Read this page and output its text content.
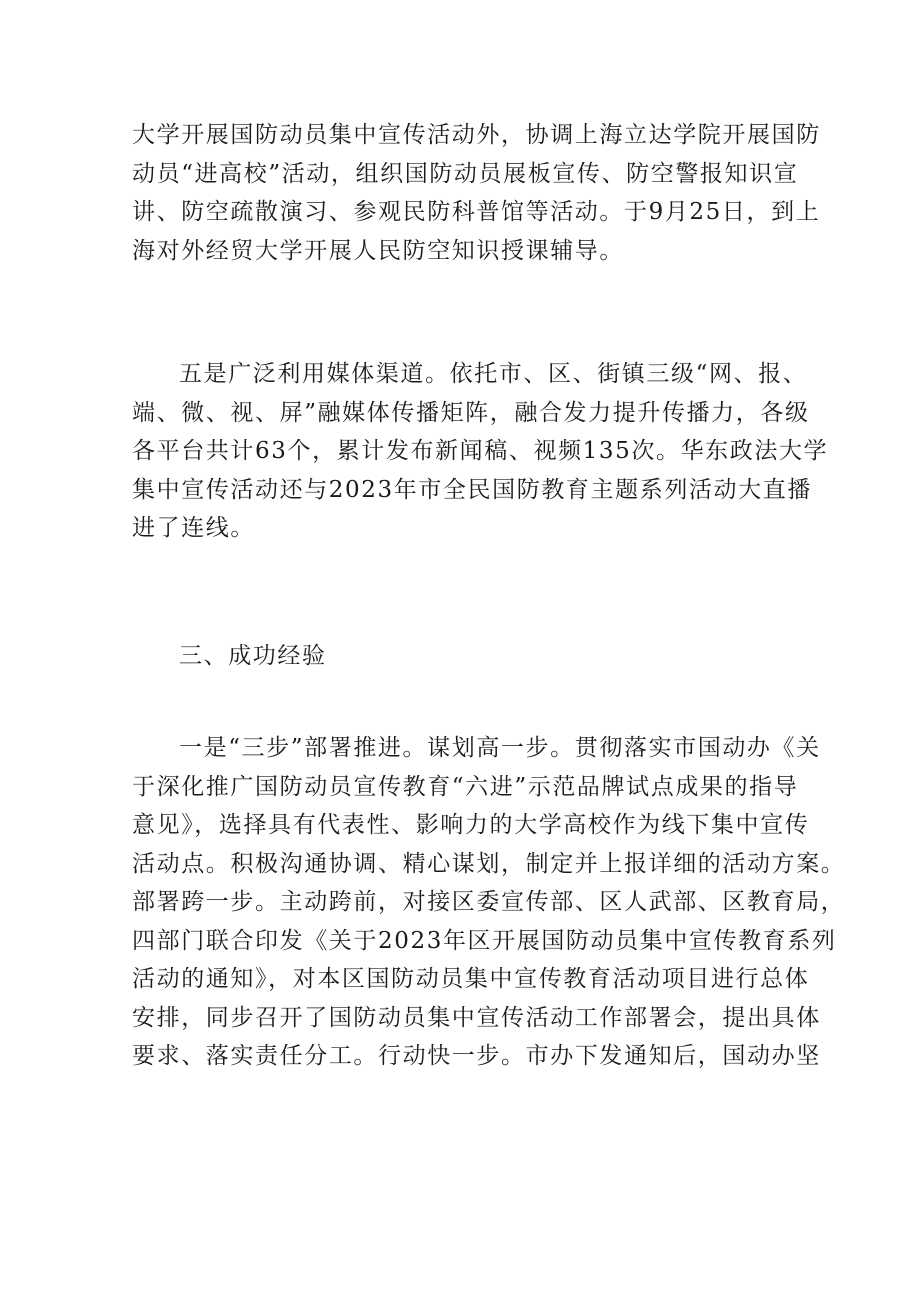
大学开展国防动员集中宣传活动外，协调上海立达学院开展国防
动员“进高校”活动，组织国防动员展板宣传、防空警报知识宣
讲、防空疏散演习、参观民防科普馆等活动。于9月25日，到上
海对外经贸大学开展人民防空知识授课辅导。
五是广泛利用媒体渠道。依托市、区、街镇三级“网、报、
端、微、视、屏”融媒体传播矩阵，融合发力提升传播力，各级
各平台共计63个，累计发布新闻稿、视频135次。华东政法大学
集中宣传活动还与2023年市全民国防教育主题系列活动大直播
进了连线。
三、成功经验
一是“三步”部署推进。谋划高一步。贯彻落实市国动办《关
于深化推广国防动员宣传教育“六进”示范品牌试点成果的指导
意见》，选择具有代表性、影响力的大学高校作为线下集中宣传
活动点。积极沟通协调、精心谋划，制定并上报详细的活动方案。
部署跨一步。主动跨前，对接区委宣传部、区人武部、区教育局，
四部门联合印发《关于2023年区开展国防动员集中宣传教育系列
活动的通知》，对本区国防动员集中宣传教育活动项目进行总体
安排，同步召开了国防动员集中宣传活动工作部署会，提出具体
要求、落实责任分工。行动快一步。市办下发通知后，国动办坚
